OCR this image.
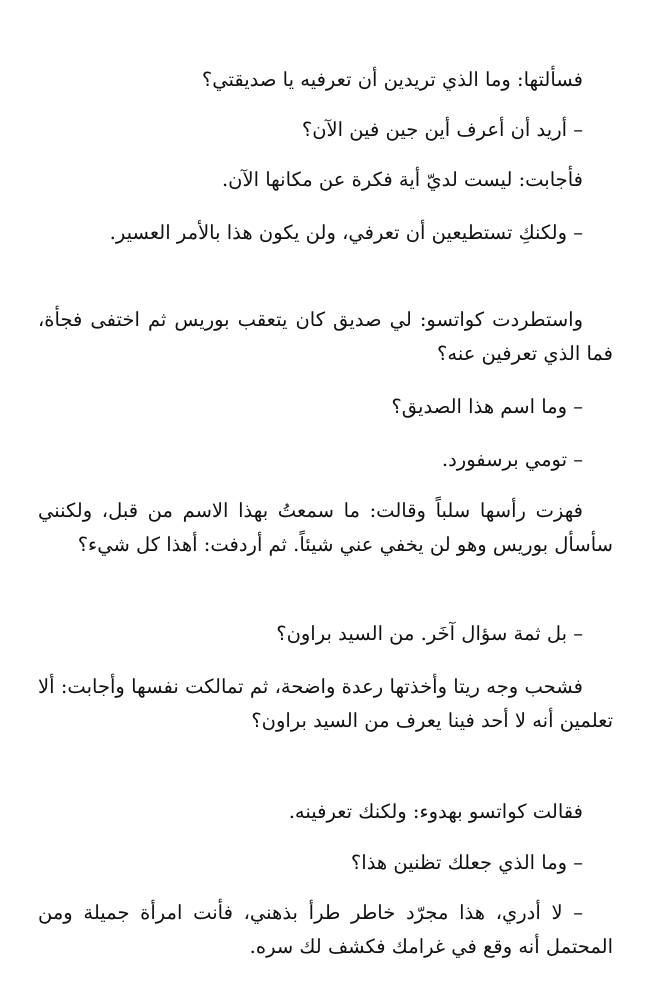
فسألتها: وما الذي تريدين أن تعرفيه يا صديقتي؟

– أريد أن أعرف أين جين فين الآن؟

فأجابت: ليست لديّ أية فكرة عن مكانها الآن.

– ولكنكِ تستطيعين أن تعرفي، ولن يكون هذا بالأمر العسير.

واستطردت كواتسو: لي صديق كان يتعقب بوريس ثم اختفى فجأة، فما الذي تعرفين عنه؟

– وما اسم هذا الصديق؟

– تومي برسفورد.

فهزت رأسها سلباً وقالت: ما سمعتُ بهذا الاسم من قبل، ولكنني سأسأل بوريس وهو لن يخفي عني شيئاً. ثم أردفت: أهذا كل شيء؟

– بل ثمة سؤال آخَر. من السيد براون؟

فشحب وجه ريتا وأخذتها رعدة واضحة، ثم تمالكت نفسها وأجابت: ألا تعلمين أنه لا أحد فينا يعرف من السيد براون؟

فقالت كواتسو بهدوء: ولكنك تعرفينه.

– وما الذي جعلك تظنين هذا؟

– لا أدري، هذا مجرّد خاطر طرأ بذهني، فأنت امرأة جميلة ومن المحتمل أنه وقع في غرامك فكشف لك سره.
